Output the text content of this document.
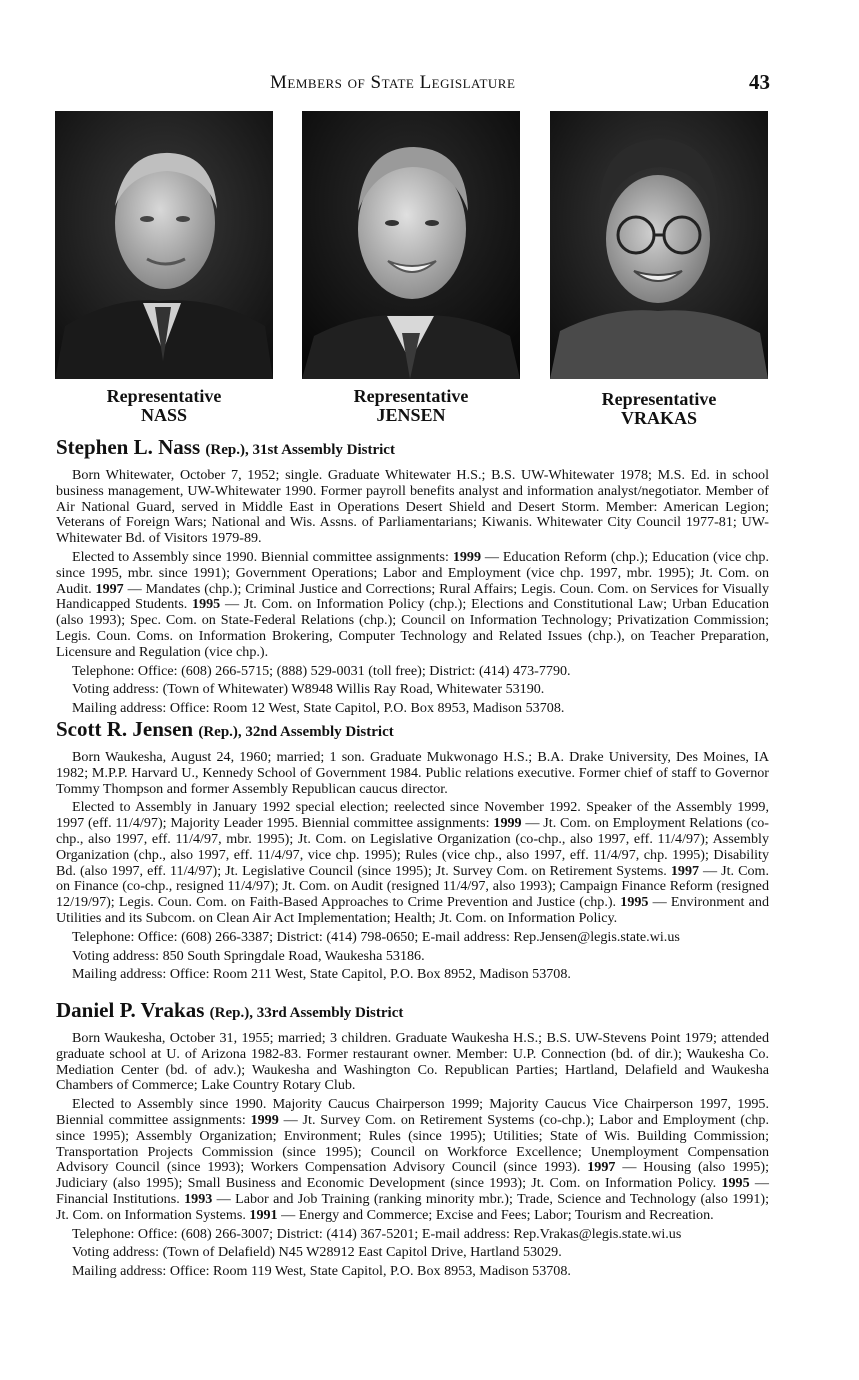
Members of State Legislature	43
Representative
NASS
Representative
JENSEN
Representative
VRAKAS
Stephen L. Nass (Rep.), 31st Assembly District

Born Whitewater, October 7, 1952; single. Graduate Whitewater H.S.; B.S. UW-Whitewater 1978; M.S. Ed. in school business management, UW-Whitewater 1990. Former payroll benefits analyst and information analyst/negotiator. Member of Air National Guard, served in Middle East in Operations Desert Shield and Desert Storm. Member: American Legion; Veterans of Foreign Wars; National and Wis. Assns. of Parliamentarians; Kiwanis. Whitewater City Council 1977-81; UW-Whitewater Bd. of Visitors 1979-89.

Elected to Assembly since 1990. Biennial committee assignments: 1999 — Education Reform (chp.); Education (vice chp. since 1995, mbr. since 1991); Government Operations; Labor and Employment (vice chp. 1997, mbr. 1995); Jt. Com. on Audit. 1997 — Mandates (chp.); Criminal Justice and Corrections; Rural Affairs; Legis. Coun. Com. on Services for Visually Handicapped Students. 1995 — Jt. Com. on Information Policy (chp.); Elections and Constitutional Law; Urban Education (also 1993); Spec. Com. on State-Federal Relations (chp.); Council on Information Technology; Privatization Commission; Legis. Coun. Coms. on Information Brokering, Computer Technology and Related Issues (chp.), on Teacher Preparation, Licensure and Regulation (vice chp.).

Telephone: Office: (608) 266-5715; (888) 529-0031 (toll free); District: (414) 473-7790.

Voting address: (Town of Whitewater) W8948 Willis Ray Road, Whitewater 53190.

Mailing address: Office: Room 12 West, State Capitol, P.O. Box 8953, Madison 53708.

Scott R. Jensen (Rep.), 32nd Assembly District

Born Waukesha, August 24, 1960; married; 1 son. Graduate Mukwonago H.S.; B.A. Drake University, Des Moines, IA 1982; M.P.P. Harvard U., Kennedy School of Government 1984. Public relations executive. Former chief of staff to Governor Tommy Thompson and former Assembly Republican caucus director.

Elected to Assembly in January 1992 special election; reelected since November 1992. Speaker of the Assembly 1999, 1997 (eff. 11/4/97); Majority Leader 1995. Biennial committee assignments: 1999 — Jt. Com. on Employment Relations (co-chp., also 1997, eff. 11/4/97, mbr. 1995); Jt. Com. on Legislative Organization (co-chp., also 1997, eff. 11/4/97); Assembly Organization (chp., also 1997, eff. 11/4/97, vice chp. 1995); Rules (vice chp., also 1997, eff. 11/4/97, chp. 1995); Disability Bd. (also 1997, eff. 11/4/97); Jt. Legislative Council (since 1995); Jt. Survey Com. on Retirement Systems. 1997 — Jt. Com. on Finance (co-chp., resigned 11/4/97); Jt. Com. on Audit (resigned 11/4/97, also 1993); Campaign Finance Reform (resigned 12/19/97); Legis. Coun. Com. on Faith-Based Approaches to Crime Prevention and Justice (chp.). 1995 — Environment and Utilities and its Subcom. on Clean Air Act Implementation; Health; Jt. Com. on Information Policy.

Telephone: Office: (608) 266-3387; District: (414) 798-0650; E-mail address: Rep.Jensen@legis.state.wi.us

Voting address: 850 South Springdale Road, Waukesha 53186.

Mailing address: Office: Room 211 West, State Capitol, P.O. Box 8952, Madison 53708.

Daniel P. Vrakas (Rep.), 33rd Assembly District

Born Waukesha, October 31, 1955; married; 3 children. Graduate Waukesha H.S.; B.S. UW-Stevens Point 1979; attended graduate school at U. of Arizona 1982-83. Former restaurant owner. Member: U.P. Connection (bd. of dir.); Waukesha Co. Mediation Center (bd. of adv.); Waukesha and Washington Co. Republican Parties; Hartland, Delafield and Waukesha Chambers of Commerce; Lake Country Rotary Club.

Elected to Assembly since 1990. Majority Caucus Chairperson 1999; Majority Caucus Vice Chairperson 1997, 1995. Biennial committee assignments: 1999 — Jt. Survey Com. on Retirement Systems (co-chp.); Labor and Employment (chp. since 1995); Assembly Organization; Environment; Rules (since 1995); Utilities; State of Wis. Building Commission; Transportation Projects Commission (since 1995); Council on Workforce Excellence; Unemployment Compensation Advisory Council (since 1993); Workers Compensation Advisory Council (since 1993). 1997 — Housing (also 1995); Judiciary (also 1995); Small Business and Economic Development (since 1993); Jt. Com. on Information Policy. 1995 — Financial Institutions. 1993 — Labor and Job Training (ranking minority mbr.); Trade, Science and Technology (also 1991); Jt. Com. on Information Systems. 1991 — Energy and Commerce; Excise and Fees; Labor; Tourism and Recreation.

Telephone: Office: (608) 266-3007; District: (414) 367-5201; E-mail address: Rep.Vrakas@legis.state.wi.us

Voting address: (Town of Delafield) N45 W28912 East Capitol Drive, Hartland 53029.

Mailing address: Office: Room 119 West, State Capitol, P.O. Box 8953, Madison 53708.
